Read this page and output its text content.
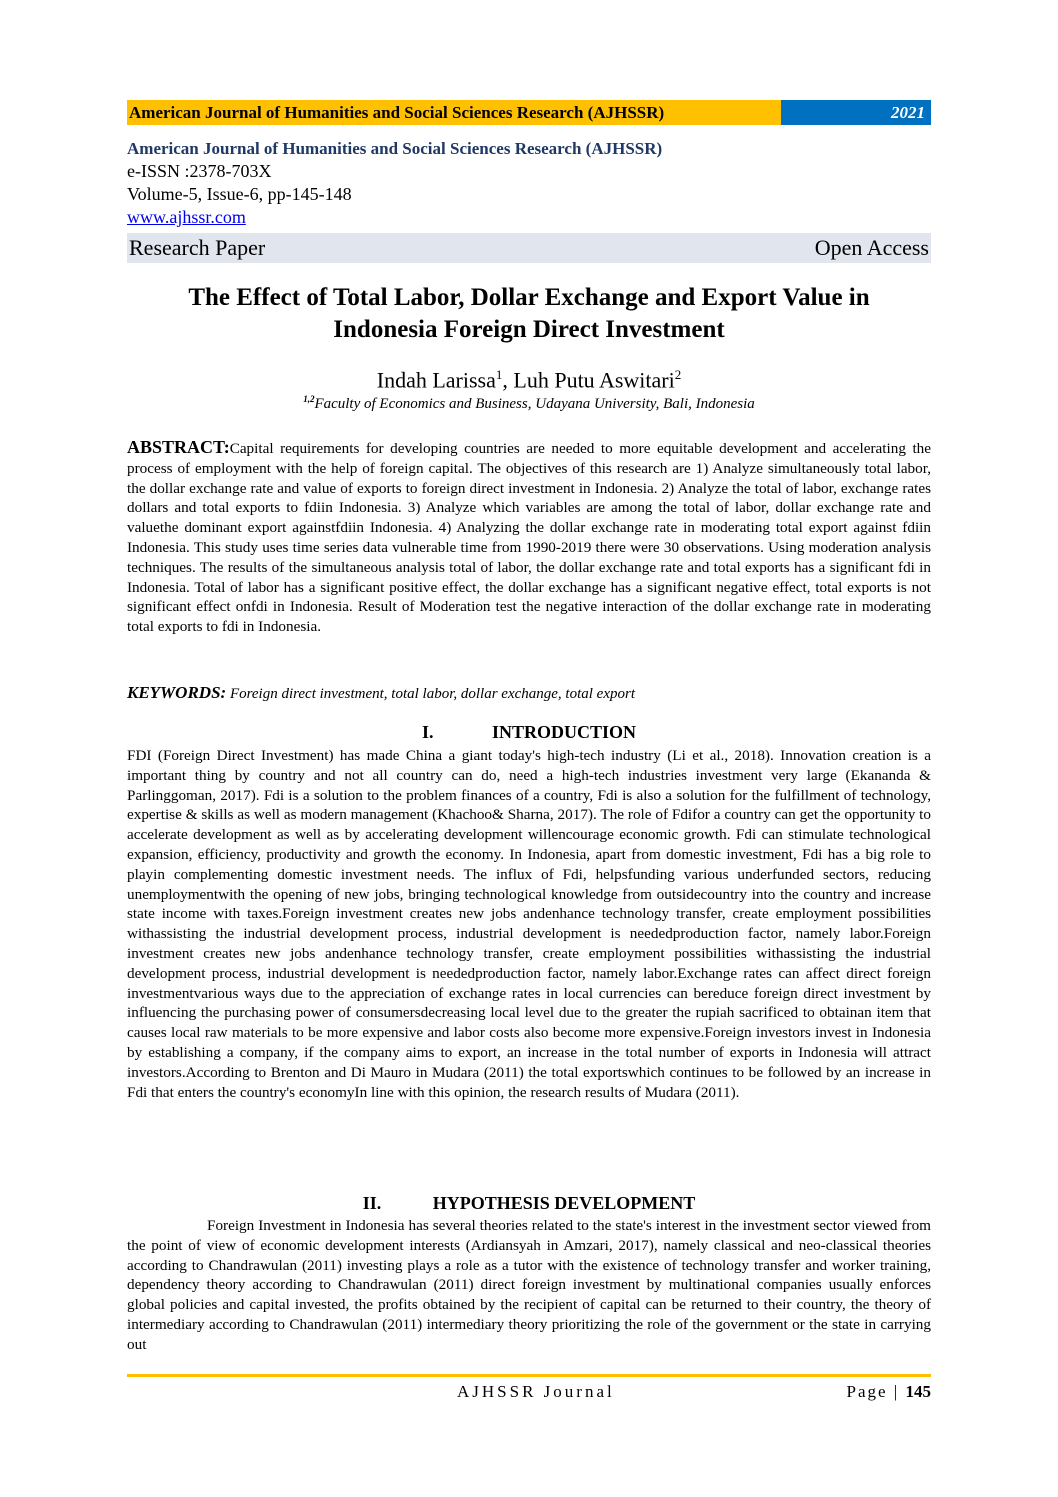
American Journal of Humanities and Social Sciences Research (AJHSSR)	2021
American Journal of Humanities and Social Sciences Research (AJHSSR)
e-ISSN :2378-703X
Volume-5, Issue-6, pp-145-148
www.ajhssr.com
Research Paper	Open Access
The Effect of Total Labor, Dollar Exchange and Export Value in
Indonesia Foreign Direct Investment
Indah Larissa$^1$, Luh Putu Aswitari$^2$
$^{1,2}$Faculty of Economics and Business, Udayana University, Bali, Indonesia
ABSTRACT:Capital requirements for developing countries are needed to more equitable development and accelerating the process of employment with the help of foreign capital. The objectives of this research are 1) Analyze simultaneously total labor, the dollar exchange rate and value of exports to foreign direct investment in Indonesia. 2) Analyze the total of labor, exchange rates dollars and total exports to fdiin Indonesia. 3) Analyze which variables are among the total of labor, dollar exchange rate and valuethe dominant export againstfdiin Indonesia. 4) Analyzing the dollar exchange rate in moderating total export against fdiin Indonesia. This study uses time series data vulnerable time from 1990-2019 there were 30 observations. Using moderation analysis techniques. The results of the simultaneous analysis total of labor, the dollar exchange rate and total exports has a significant fdi in Indonesia. Total of labor has a significant positive effect, the dollar exchange has a significant negative effect, total exports is not significant effect onfdi in Indonesia. Result of Moderation test the negative interaction of the dollar exchange rate in moderating total exports to fdi in Indonesia.
KEYWORDS: Foreign direct investment, total labor, dollar exchange, total export
I.	INTRODUCTION
FDI (Foreign Direct Investment) has made China a giant today's high-tech industry (Li et al., 2018). Innovation creation is a important thing by country and not all country can do, need a high-tech industries investment very large (Ekananda & Parlinggoman, 2017). Fdi is a solution to the problem finances of a country, Fdi is also a solution for the fulfillment of technology, expertise & skills as well as modern management (Khachoo& Sharna, 2017). The role of Fdifor a country can get the opportunity to accelerate development as well as by accelerating development willencourage economic growth. Fdi can stimulate technological expansion, efficiency, productivity and growth the economy. In Indonesia, apart from domestic investment, Fdi has a big role to playin complementing domestic investment needs. The influx of Fdi, helpsfunding various underfunded sectors, reducing unemploymentwith the opening of new jobs, bringing technological knowledge from outsidecountry into the country and increase state income with taxes.Foreign investment creates new jobs andenhance technology transfer, create employment possibilities withassisting the industrial development process, industrial development is neededproduction factor, namely labor.Foreign investment creates new jobs andenhance technology transfer, create employment possibilities withassisting the industrial development process, industrial development is neededproduction factor, namely labor.Exchange rates can affect direct foreign investmentvarious ways due to the appreciation of exchange rates in local currencies can bereduce foreign direct investment by influencing the purchasing power of consumersdecreasing local level due to the greater the rupiah sacrificed to obtainan item that causes local raw materials to be more expensive and labor costs also become more expensive.Foreign investors invest in Indonesia by establishing a company, if the company aims to export, an increase in the total number of exports in Indonesia will attract investors.According to Brenton and Di Mauro in Mudara (2011) the total exportswhich continues to be followed by an increase in Fdi that enters the country's economyIn line with this opinion, the research results of Mudara (2011).
II.	HYPOTHESIS DEVELOPMENT
Foreign Investment in Indonesia has several theories related to the state's interest in the investment sector viewed from the point of view of economic development interests (Ardiansyah in Amzari, 2017), namely classical and neo-classical theories according to Chandrawulan (2011) investing plays a role as a tutor with the existence of technology transfer and worker training, dependency theory according to Chandrawulan (2011) direct foreign investment by multinational companies usually enforces global policies and capital invested, the profits obtained by the recipient of capital can be returned to their country, the theory of intermediary according to Chandrawulan (2011) intermediary theory prioritizing the role of the government or the state in carrying out
AJHSSR Journal	Page | 145
